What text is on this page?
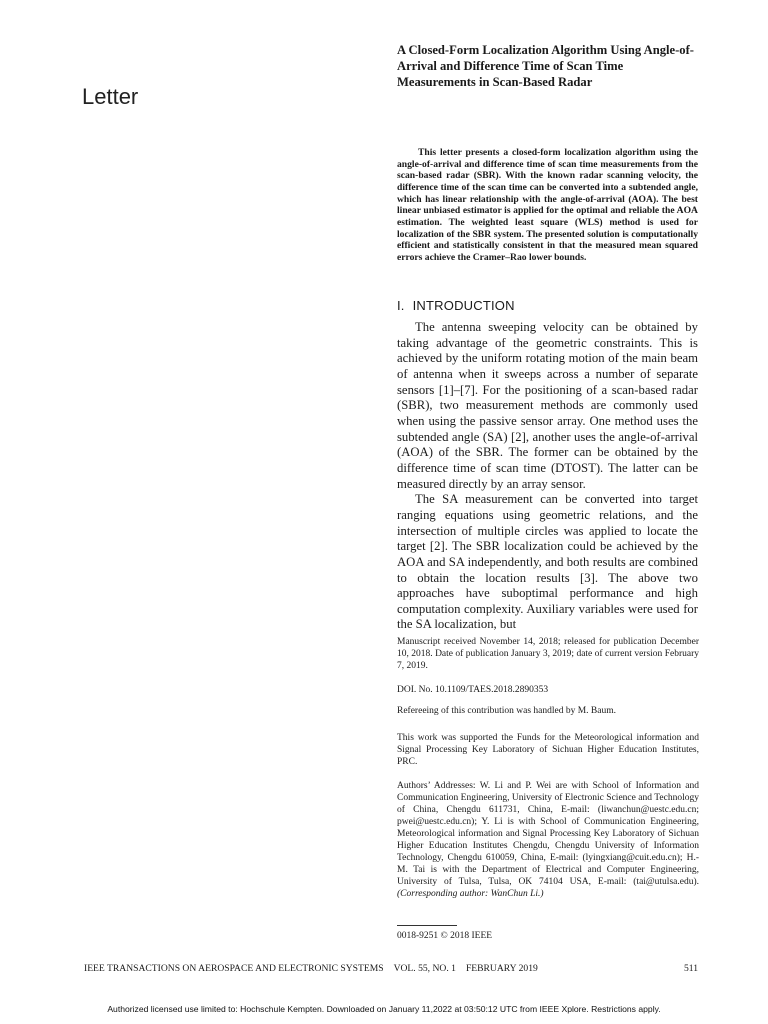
Letter
A Closed-Form Localization Algorithm Using Angle-of-Arrival and Difference Time of Scan Time Measurements in Scan-Based Radar
This letter presents a closed-form localization algorithm using the angle-of-arrival and difference time of scan time measurements from the scan-based radar (SBR). With the known radar scanning velocity, the difference time of the scan time can be converted into a subtended angle, which has linear relationship with the angle-of-arrival (AOA). The best linear unbiased estimator is applied for the optimal and reliable the AOA estimation. The weighted least square (WLS) method is used for localization of the SBR system. The presented solution is computationally efficient and statistically consistent in that the measured mean squared errors achieve the Cramer–Rao lower bounds.
I. INTRODUCTION

The antenna sweeping velocity can be obtained by taking advantage of the geometric constraints. This is achieved by the uniform rotating motion of the main beam of antenna when it sweeps across a number of separate sensors [1]–[7]. For the positioning of a scan-based radar (SBR), two measurement methods are commonly used when using the passive sensor array. One method uses the subtended angle (SA) [2], another uses the angle-of-arrival (AOA) of the SBR. The former can be obtained by the difference time of scan time (DTOST). The latter can be measured directly by an array sensor.

The SA measurement can be converted into target ranging equations using geometric relations, and the intersection of multiple circles was applied to locate the target [2]. The SBR localization could be achieved by the AOA and SA independently, and both results are combined to obtain the location results [3]. The above two approaches have suboptimal performance and high computation complexity. Auxiliary variables were used for the SA localization, but

Manuscript received November 14, 2018; released for publication December 10, 2018. Date of publication January 3, 2019; date of current version February 7, 2019.

DOI. No. 10.1109/TAES.2018.2890353

Refereeing of this contribution was handled by M. Baum.

This work was supported the Funds for the Meteorological information and Signal Processing Key Laboratory of Sichuan Higher Education Institutes, PRC.

Authors’ Addresses: W. Li and P. Wei are with School of Information and Communication Engineering, University of Electronic Science and Technology of China, Chengdu 611731, China, E-mail: (liwanchun@uestc.edu.cn; pwei@uestc.edu.cn); Y. Li is with School of Communication Engineering, Meteorological information and Signal Processing Key Laboratory of Sichuan Higher Education Institutes Chengdu, Chengdu University of Information Technology, Chengdu 610059, China, E-mail: (lyingxiang@cuit.edu.cn); H.-M. Tai is with the Department of Electrical and Computer Engineering, University of Tulsa, Tulsa, OK 74104 USA, E-mail: (tai@utulsa.edu). (Corresponding author: WanChun Li.)

0018-9251 © 2018 IEEE
IEEE TRANSACTIONS ON AEROSPACE AND ELECTRONIC SYSTEMS VOL. 55, NO. 1 FEBRUARY 2019	511
Authorized licensed use limited to: Hochschule Kempten. Downloaded on January 11,2022 at 03:50:12 UTC from IEEE Xplore. Restrictions apply.
